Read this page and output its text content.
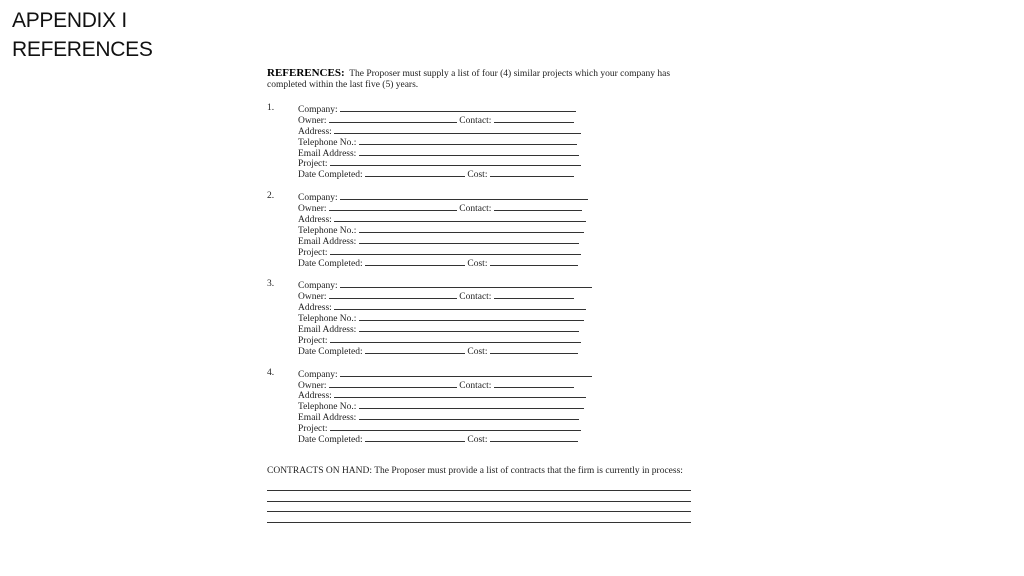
APPENDIX I
REFERENCES

REFERENCES: The Proposer must supply a list of four (4) similar projects which your company has completed within the last five (5) years.

1.	Company:
Owner:	Contact:
Address:
Telephone No.:
Email Address:
Project:
Date Completed:	Cost:
2.	Company:
Owner:	Contact:
Address:
Telephone No.:
Email Address:
Project:
Date Completed:	Cost:
3.	Company:
Owner:	Contact:
Address:
Telephone No.:
Email Address:
Project:
Date Completed:	Cost:
4.	Company:
Owner:	Contact:
Address:
Telephone No.:
Email Address:
Project:
Date Completed:	Cost:
CONTRACTS ON HAND: The Proposer must provide a list of contracts that the firm is currently in process:
